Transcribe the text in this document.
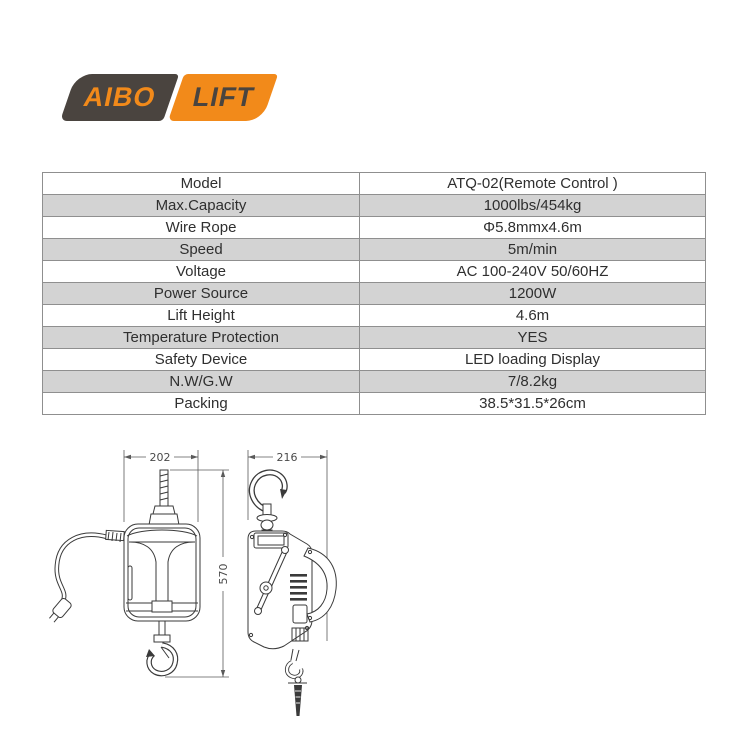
AIBO LIFT
Model	ATQ-02(Remote Control )
Max.Capacity	1000lbs/454kg
Wire Rope	Φ5.8mmx4.6m
Speed	5m/min
Voltage	AC 100-240V 50/60HZ
Power Source	1200W
Lift Height	4.6m
Temperature Protection	YES
Safety Device	LED loading Display
N.W/G.W	7/8.2kg
Packing	38.5*31.5*26cm
202
570
216
